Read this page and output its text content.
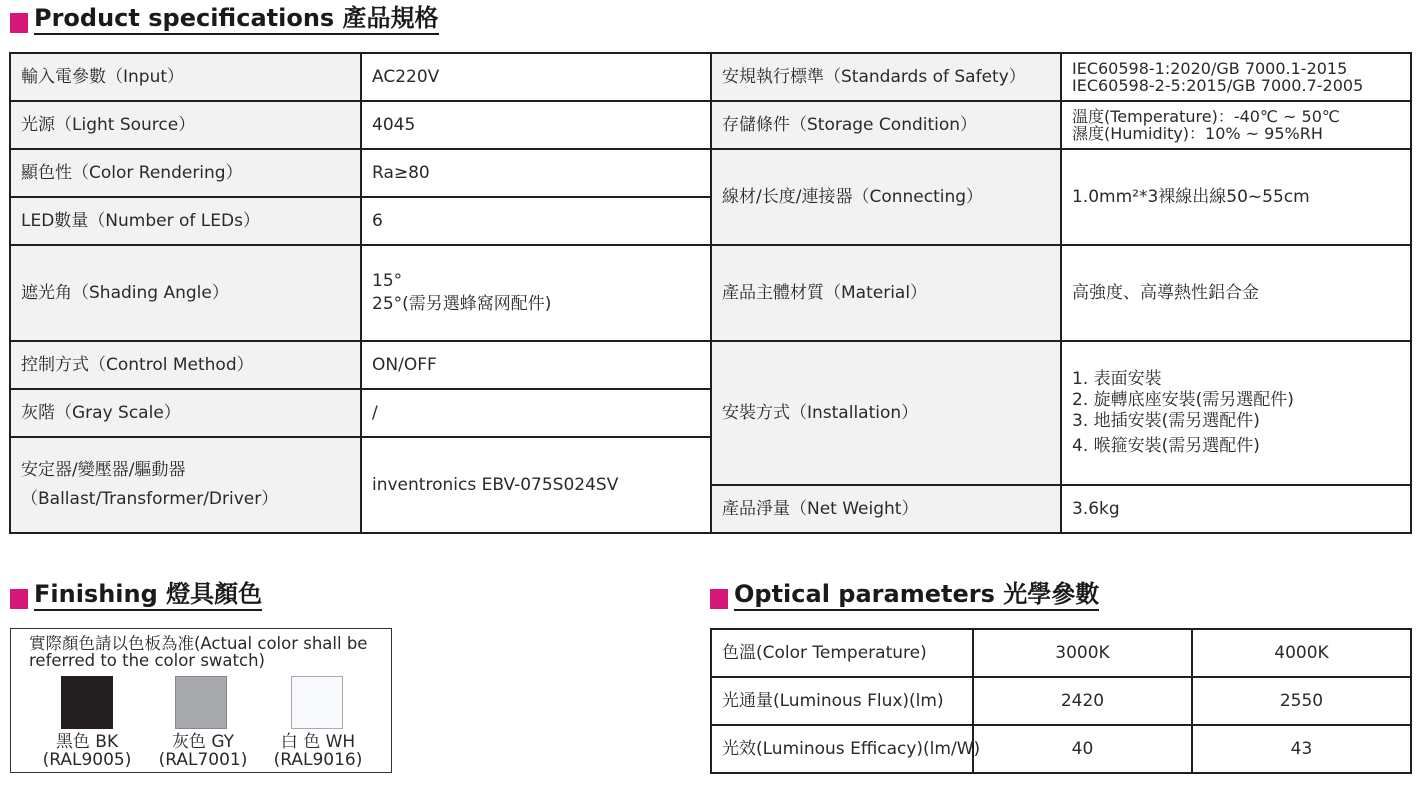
Product specifications 產品規格
輸入電參數（Input）	AC220V
光源（Light Source）	4045
顯色性（Color Rendering）	Ra≥80
LED數量（Number of LEDs）	6
遮光角（Shading Angle）	15°
25°(需另選蜂窩网配件)

控制方式（Control Method）	ON/OFF
灰階（Gray Scale）	/

安定器/變壓器/驅動器
（Ballast/Transformer/Driver）	inventronics EBV-075S024SV
安規執行標準（Standards of Safety）	IEC60598-1:2020/GB 7000.1-2015
IEC60598-2-5:2015/GB 7000.7-2005

存儲條件（Storage Condition）	溫度(Temperature)：-40℃ ~ 50℃
濕度(Humidity)：10% ~ 95%RH

線材/长度/連接器（Connecting）	1.0mm²*3裸線出線50~55cm
產品主體材質（Material）	高強度、高導熱性鋁合金
安裝方式（Installation）	1. 表面安裝
2. 旋轉底座安裝(需另選配件)
3. 地插安裝(需另選配件)
4. 喉箍安裝(需另選配件)

產品淨量（Net Weight）	3.6kg
Finishing 燈具顏色
實際顏色請以色板為准(Actual color shall be referred to the color swatch)
黑色 BK
(RAL9005)
灰色 GY
(RAL7001)
白 色 WH
(RAL9016)
Optical parameters 光學參數
色溫(Color Temperature)	3000K	4000K
光通量(Luminous Flux)(lm)	2420	2550
光效(Luminous Efficacy)(lm/W)	40	43
